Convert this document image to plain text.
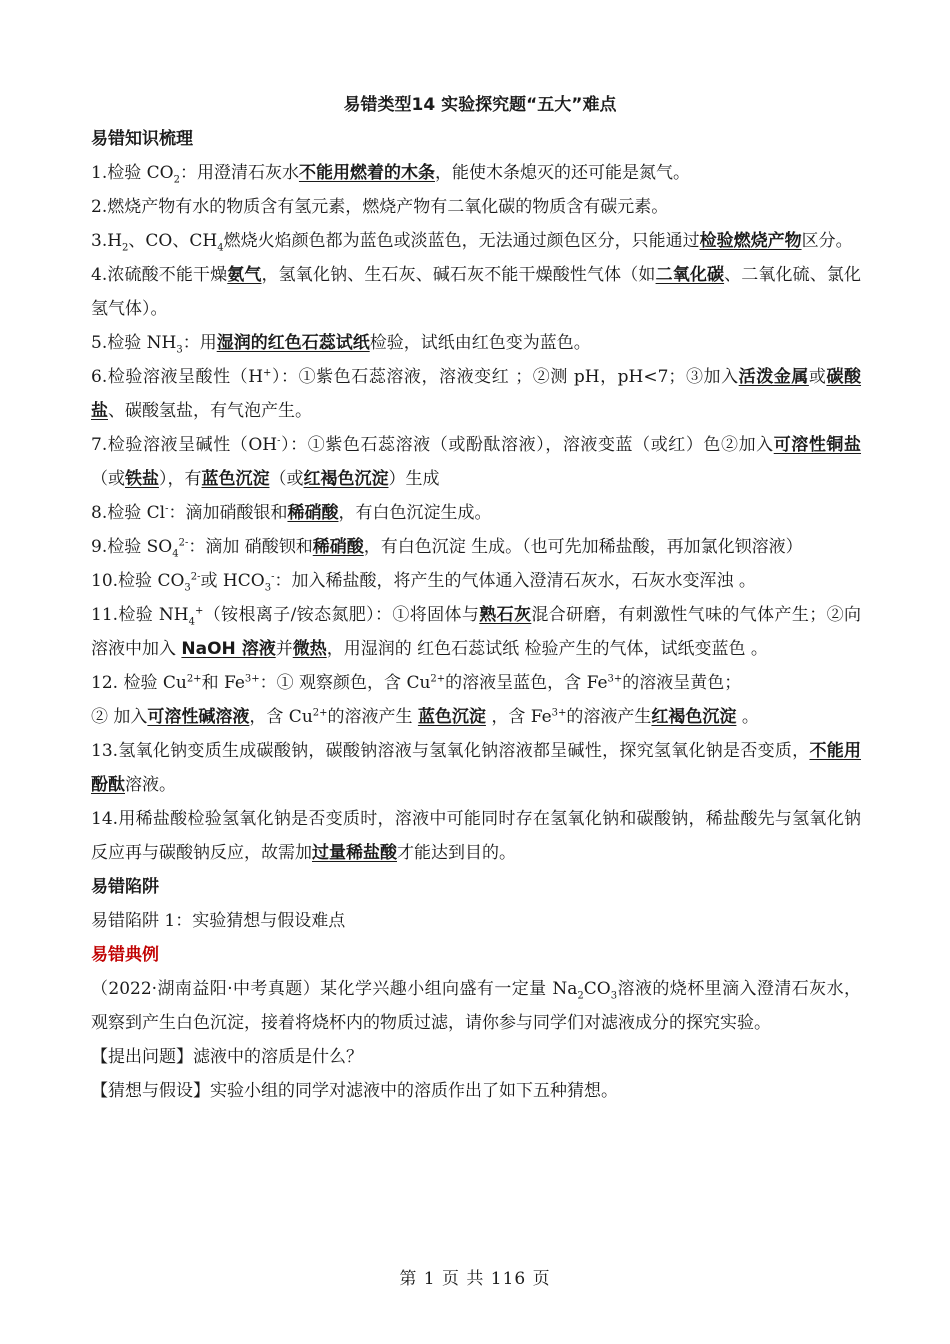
易错类型14 实验探究题“五大”难点

易错知识梳理

1.检验 $CO_2$：用澄清石灰水不能用燃着的木条，能使木条熄灭的还可能是氮气。

2.燃烧产物有水的物质含有氢元素，燃烧产物有二氧化碳的物质含有碳元素。

$3.H_2$、CO、$CH_4$燃烧火焰颜色都为蓝色或淡蓝色，无法通过颜色区分，只能通过检验燃烧产物区分。

4.浓硫酸不能干燥氨气，氢氧化钠、生石灰、碱石灰不能干燥酸性气体（如二氧化碳、二氧化硫、氯化氢气体）。

5.检验 $NH_3$：用湿润的红色石蕊试纸检验，试纸由红色变为蓝色。

6.检验溶液呈酸性（H+）：①紫色石蕊溶液，溶液变红 ；②测 pH，pH<7；③加入活泼金属或碳酸盐、碳酸氢盐，有气泡产生。

7.检验溶液呈碱性（OH-）：①紫色石蕊溶液（或酚酞溶液），溶液变蓝（或红）色②加入可溶性铜盐（或铁盐），有蓝色沉淀（或红褐色沉淀）生成

8.检验 Cl-：滴加硝酸银和稀硝酸，有白色沉淀生成。

9.检验 $SO_4^{2-}$：滴加 硝酸钡和稀硝酸，有白色沉淀 生成。（也可先加稀盐酸，再加氯化钡溶液）

10.检验 $CO_3^{2-}$或 $HCO_3^-$：加入稀盐酸，将产生的气体通入澄清石灰水，石灰水变浑浊 。

11.检验 $NH_4^+$（铵根离子/铵态氮肥）：①将固体与熟石灰混合研磨，有刺激性气味的气体产生；②向溶液中加入 NaOH 溶液并微热，用湿润的 红色石蕊试纸 检验产生的气体，试纸变蓝色 。

12. 检验 $Cu^{2+}$和 $Fe^{3+}$：① 观察颜色，含 $Cu^{2+}$的溶液呈蓝色，含 $Fe^{3+}$的溶液呈黄色；

② 加入可溶性碱溶液，含 $Cu^{2+}$的溶液产生 蓝色沉淀 ，含 $Fe^{3+}$的溶液产生红褐色沉淀 。

13.氢氧化钠变质生成碳酸钠，碳酸钠溶液与氢氧化钠溶液都呈碱性，探究氢氧化钠是否变质，不能用酚酞溶液。

14.用稀盐酸检验氢氧化钠是否变质时，溶液中可能同时存在氢氧化钠和碳酸钠，稀盐酸先与氢氧化钠反应再与碳酸钠反应，故需加过量稀盐酸才能达到目的。

易错陷阱

易错陷阱 1：实验猜想与假设难点

易错典例

（2022·湖南益阳·中考真题）某化学兴趣小组向盛有一定量 $Na_2CO_3$溶液的烧杯里滴入澄清石灰水，观察到产生白色沉淀，接着将烧杯内的物质过滤，请你参与同学们对滤液成分的探究实验。

【提出问题】滤液中的溶质是什么？

【猜想与假设】实验小组的同学对滤液中的溶质作出了如下五种猜想。

第 1 页 共 116 页
